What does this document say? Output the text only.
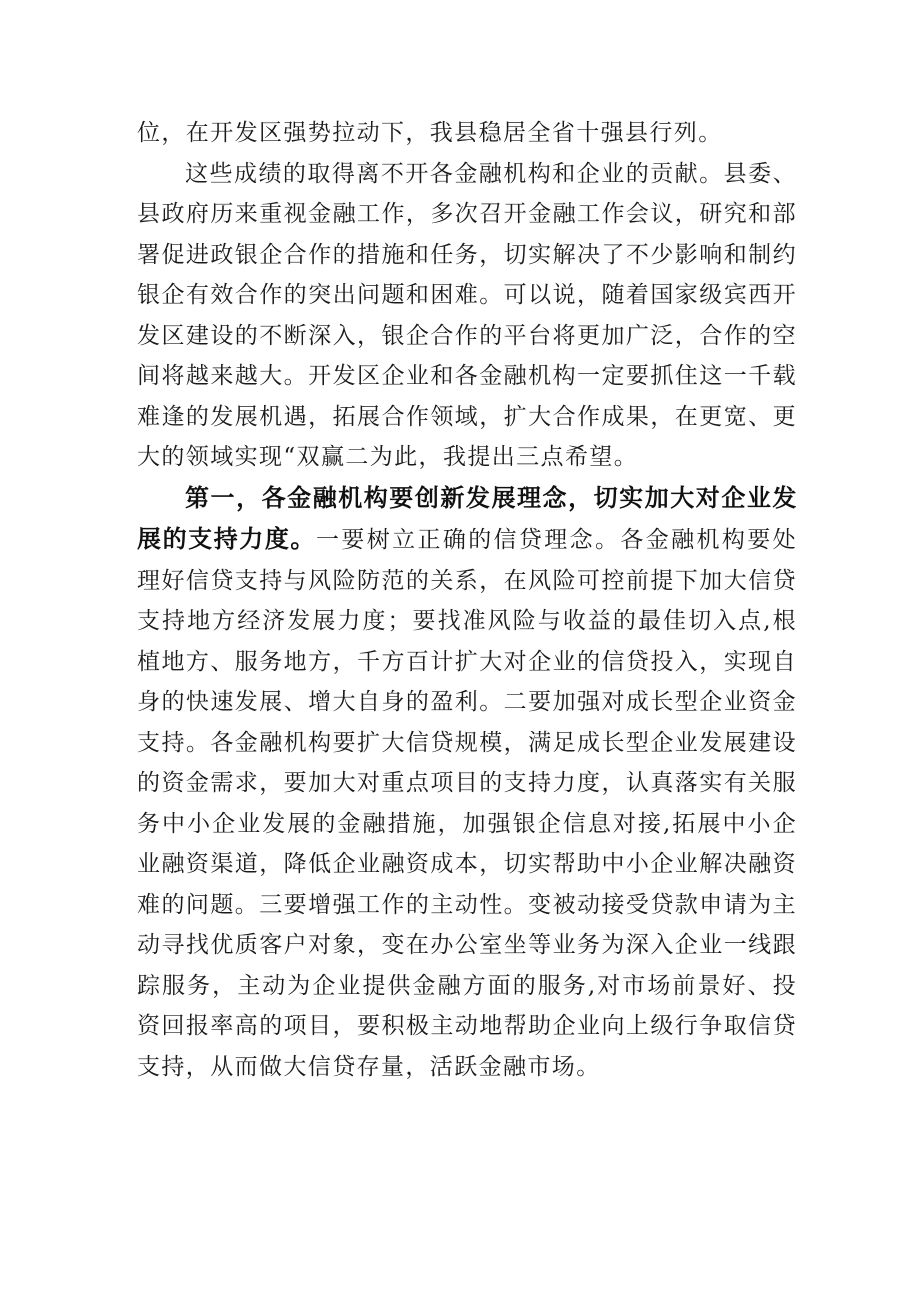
位，在开发区强势拉动下，我县稳居全省十强县行列。

这些成绩的取得离不开各金融机构和企业的贡献。县委、县政府历来重视金融工作，多次召开金融工作会议，研究和部署促进政银企合作的措施和任务，切实解决了不少影响和制约银企有效合作的突出问题和困难。可以说，随着国家级宾西开发区建设的不断深入，银企合作的平台将更加广泛，合作的空间将越来越大。开发区企业和各金融机构一定要抓住这一千载难逢的发展机遇，拓展合作领域，扩大合作成果，在更宽、更大的领域实现“双赢二为此，我提出三点希望。

第一，各金融机构要创新发展理念，切实加大对企业发展的支持力度。一要树立正确的信贷理念。各金融机构要处理好信贷支持与风险防范的关系，在风险可控前提下加大信贷支持地方经济发展力度；要找准风险与收益的最佳切入点,根植地方、服务地方，千方百计扩大对企业的信贷投入，实现自身的快速发展、增大自身的盈利。二要加强对成长型企业资金支持。各金融机构要扩大信贷规模，满足成长型企业发展建设的资金需求，要加大对重点项目的支持力度，认真落实有关服务中小企业发展的金融措施，加强银企信息对接,拓展中小企业融资渠道，降低企业融资成本，切实帮助中小企业解决融资难的问题。三要增强工作的主动性。变被动接受贷款申请为主动寻找优质客户对象，变在办公室坐等业务为深入企业一线跟踪服务，主动为企业提供金融方面的服务,对市场前景好、投资回报率高的项目，要积极主动地帮助企业向上级行争取信贷支持，从而做大信贷存量，活跃金融市场。
